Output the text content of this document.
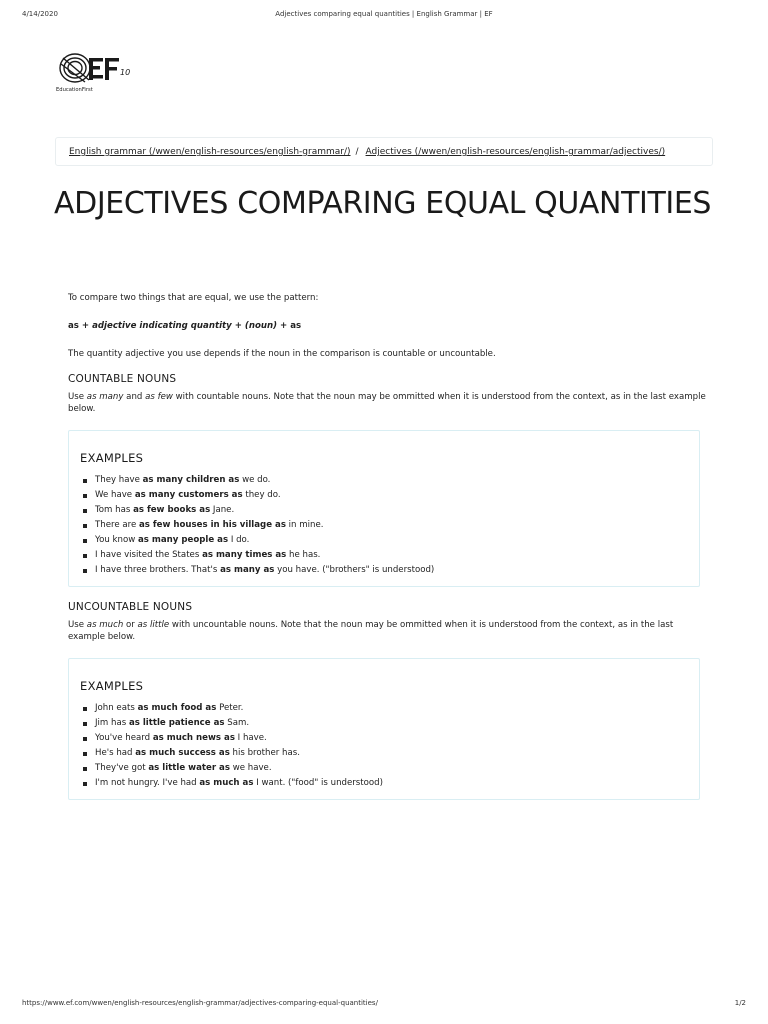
4/14/2020	Adjectives comparing equal quantities | English Grammar | EF
10
EducationFirst
English grammar (/wwen/english-resources/english-grammar/) / Adjectives (/wwen/english-resources/english-grammar/adjectives/)
ADJECTIVES COMPARING EQUAL QUANTITIES

To compare two things that are equal, we use the pattern:

as + adjective indicating quantity + (noun) + as

The quantity adjective you use depends if the noun in the comparison is countable or uncountable.

COUNTABLE NOUNS

Use as many and as few with countable nouns. Note that the noun may be ommitted when it is understood from the context, as in the last example below.

EXAMPLES
They have as many children as we do.
We have as many customers as they do.
Tom has as few books as Jane.
There are as few houses in his village as in mine.
You know as many people as I do.
I have visited the States as many times as he has.
I have three brothers. That's as many as you have. ("brothers" is understood)
UNCOUNTABLE NOUNS

Use as much or as little with uncountable nouns. Note that the noun may be ommitted when it is understood from the context, as in the last example below.

EXAMPLES
John eats as much food as Peter.
Jim has as little patience as Sam.
You've heard as much news as I have.
He's had as much success as his brother has.
They've got as little water as we have.
I'm not hungry. I've had as much as I want. ("food" is understood)
https://www.ef.com/wwen/english-resources/english-grammar/adjectives-comparing-equal-quantities/	1/2
